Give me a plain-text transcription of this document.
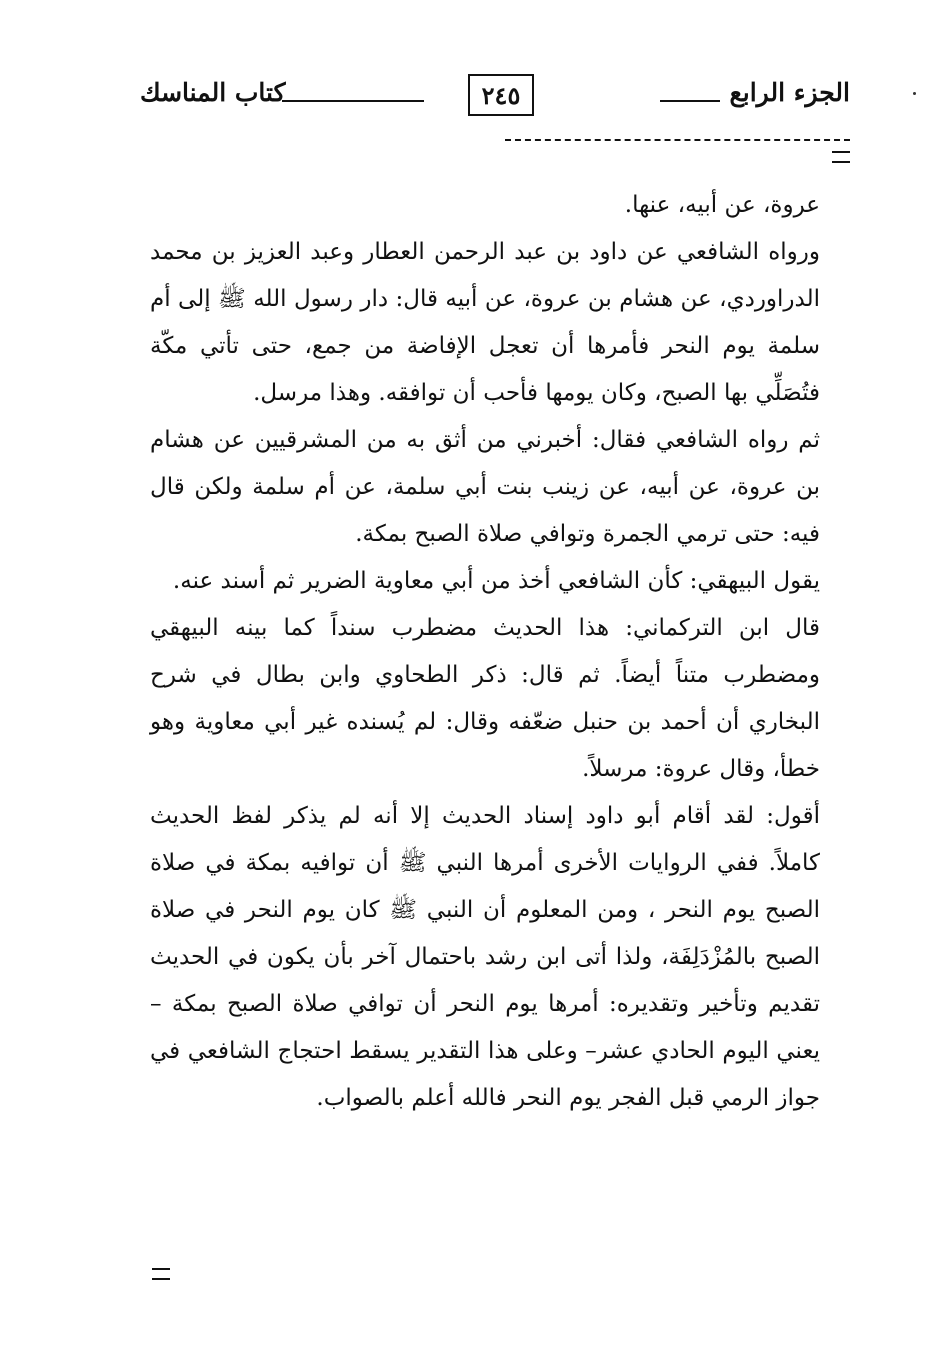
الجزء الرابع
٢٤٥
كتاب المناسك

عروة، عن أبيه، عنها.

ورواه الشافعي عن داود بن عبد الرحمن العطار وعبد العزيز بن محمد الدراوردي، عن هشام بن عروة، عن أبيه قال: دار رسول الله ﷺ إلى أم سلمة يوم النحر فأمرها أن تعجل الإفاضة من جمع، حتى تأتي مكّة فتُصَلِّي بها الصبح، وكان يومها فأحب أن توافقه. وهذا مرسل.

ثم رواه الشافعي فقال: أخبرني من أثق به من المشرقيين عن هشام بن عروة، عن أبيه، عن زينب بنت أبي سلمة، عن أم سلمة ولكن قال فيه: حتى ترمي الجمرة وتوافي صلاة الصبح بمكة.

يقول البيهقي: كأن الشافعي أخذ من أبي معاوية الضرير ثم أسند عنه.

قال ابن التركماني: هذا الحديث مضطرب سنداً كما بينه البيهقي ومضطرب متناً أيضاً. ثم قال: ذكر الطحاوي وابن بطال في شرح البخاري أن أحمد بن حنبل ضعّفه وقال: لم يُسنده غير أبي معاوية وهو خطأ، وقال عروة: مرسلاً.

أقول: لقد أقام أبو داود إسناد الحديث إلا أنه لم يذكر لفظ الحديث كاملاً. ففي الروايات الأخرى أمرها النبي ﷺ أن توافيه بمكة في صلاة الصبح يوم النحر ، ومن المعلوم أن النبي ﷺ كان يوم النحر في صلاة الصبح بالمُزْدَلِفَة، ولذا أتى ابن رشد باحتمال آخر بأن يكون في الحديث تقديم وتأخير وتقديره: أمرها يوم النحر أن توافي صلاة الصبح بمكة – يعني اليوم الحادي عشر– وعلى هذا التقدير يسقط احتجاج الشافعي في جواز الرمي قبل الفجر يوم النحر فالله أعلم بالصواب.
